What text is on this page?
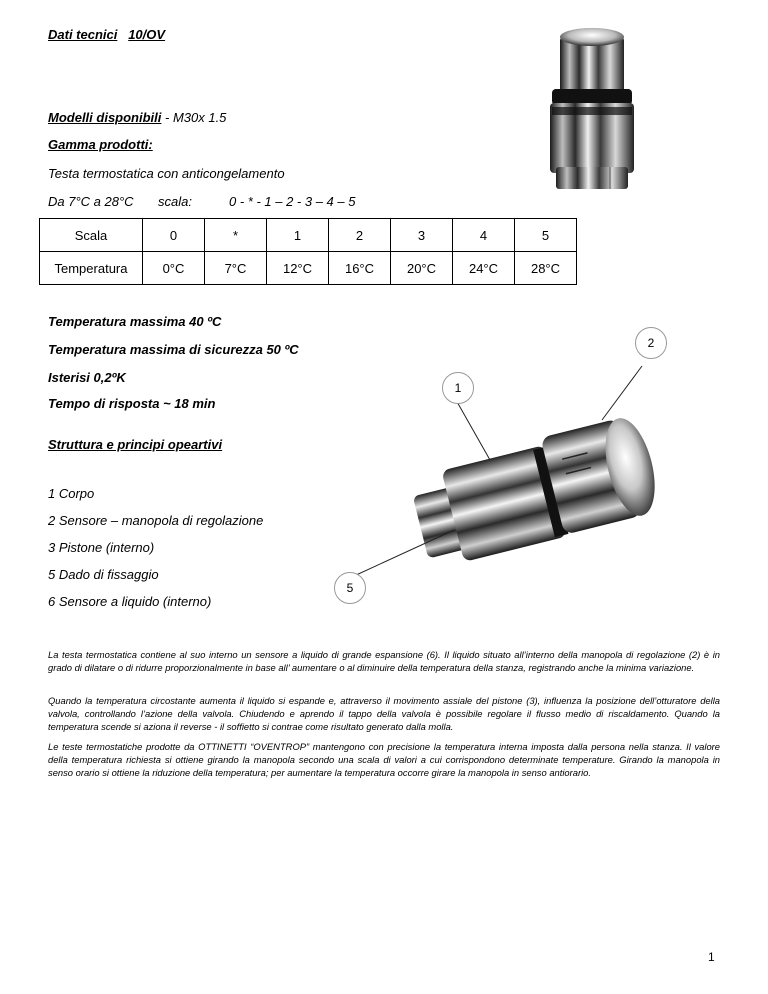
Dati tecnici 10/OV
Modelli disponibili - M30x 1.5
Gamma prodotti:
Testa termostatica con anticongelamento
Da 7°C a 28°C scala:	0 - * - 1 – 2 - 3 – 4 – 5
Scala	0	*	1	2	3	4	5
Temperatura	0°C	7°C	12°C	16°C	20°C	24°C	28°C
Temperatura massima 40 ºC
Temperatura massima di sicurezza 50 ºC
Isterisi 0,2ºK
Tempo di risposta ~ 18 min
Struttura e principi opeartivi
1 Corpo
2 Sensore – manopola di regolazione
3 Pistone (interno)
5 Dado di fissaggio
6 Sensore a liquido (interno)
2
1
5
La testa termostatica contiene al suo interno un sensore a liquido di grande espansione (6). Il liquido situato all’interno della manopola di regolazione (2) è in grado di dilatare o di ridurre proporzionalmente in base all’ aumentare o al diminuire della temperatura della stanza, registrando anche la minima variazione.
Quando la temperatura circostante aumenta il liquido si espande e, attraverso il movimento assiale del pistone (3), influenza la posizione dell’otturatore della valvola, controllando l’azione della valvola. Chiudendo e aprendo il tappo della valvola è possibile regolare il flusso medio di riscaldamento. Quando la temperatura scende si aziona il reverse - il soffietto si contrae come risultato generato dalla molla.
Le teste termostatiche prodotte da OTTINETTI “OVENTROP” mantengono con precisione la temperatura interna imposta dalla persona nella stanza. Il valore della temperatura richiesta si ottiene girando la manopola secondo una scala di valori a cui corrispondono determinate temperature. Girando la manopola in senso orario si ottiene la riduzione della temperatura; per aumentare la temperatura occorre girare la manopola in senso antiorario.
1
